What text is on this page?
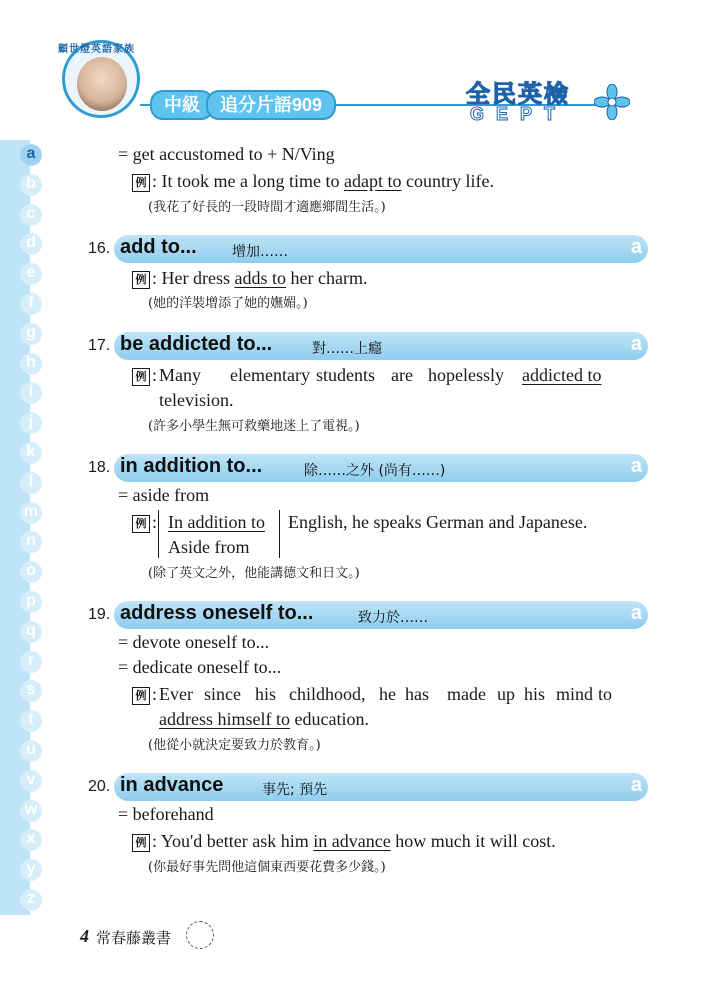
顧世燈英語家族
中級	追分片語909	全民英檢
GEPT
a
b
c
d
e
f
g
h
i
j
k
l
m
n
o
p
q
r
s
t
u
v
w
x
y
z
= get accustomed to + N/Ving
例 : It took me a long time to adapt to country life.
(我花了好長的一段時間才適應鄉間生活。)
16. add to...	增加……	a
例 : Her dress adds to her charm.
(她的洋裝增添了她的嫵媚。)
17. be addicted to...	對……上癮	a
例 : Many elementary students are hopelessly addicted to
television.
(許多小學生無可救藥地迷上了電視。)
18. in addition to...	除……之外 (尚有……)	a
= aside from
例 : In addition to
Aside from
English, he speaks German and Japanese.
(除了英文之外，他能講德文和日文。)
19. address oneself to...	致力於……	a
= devote oneself to...
= dedicate oneself to...
例 : Ever since his childhood, he has made up his mind to
address himself to education.
(他從小就決定要致力於教育。)
20. in advance	事先; 預先	a
= beforehand
例 : You'd better ask him in advance how much it will cost.
(你最好事先問他這個東西要花費多少錢。)
4 常春藤叢書
